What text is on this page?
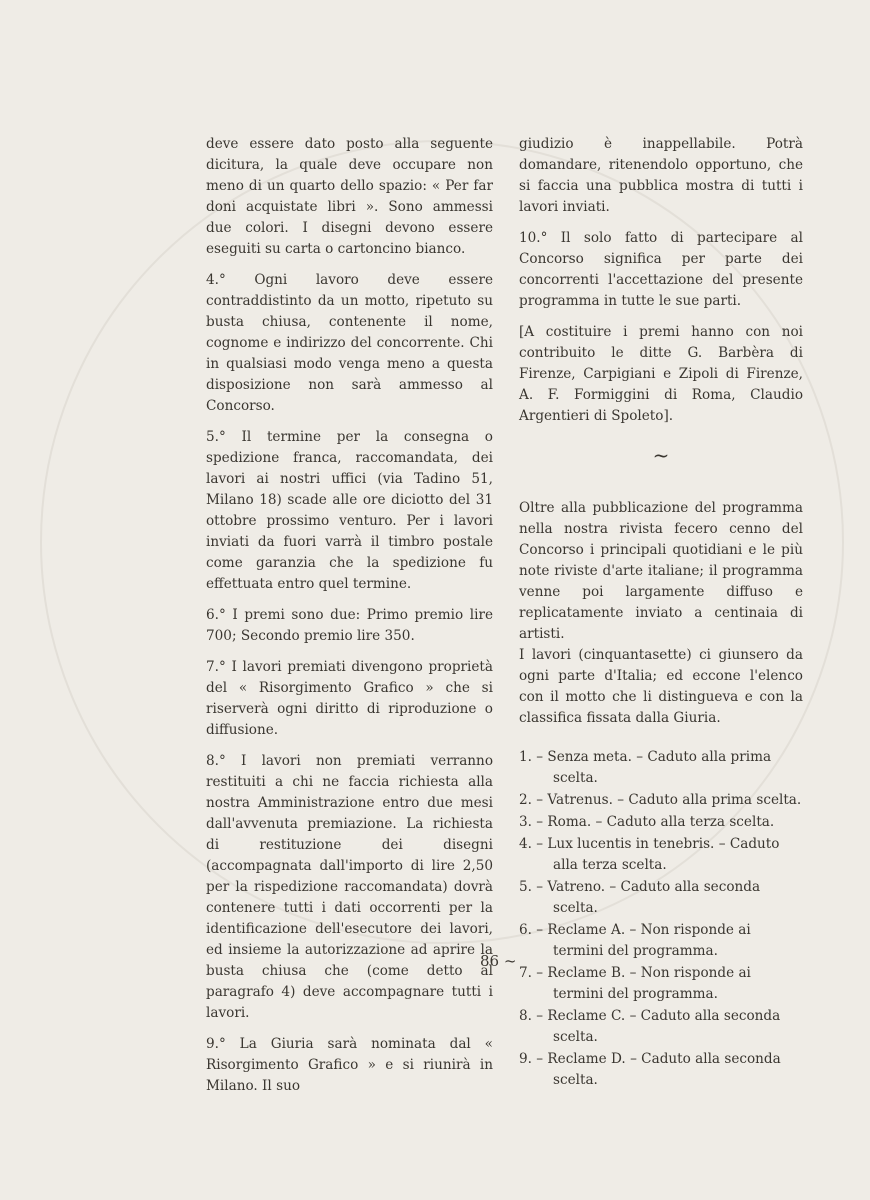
deve essere dato posto alla seguente dicitura, la quale deve occupare non meno di un quarto dello spazio: « Per far doni acquistate libri ». Sono ammessi due colori. I disegni devono essere eseguiti su carta o cartoncino bianco.

4.° Ogni lavoro deve essere contraddistinto da un motto, ripetuto su busta chiusa, contenente il nome, cognome e indirizzo del concorrente. Chi in qualsiasi modo venga meno a questa disposizione non sarà ammesso al Concorso.

5.° Il termine per la consegna o spedizione franca, raccomandata, dei lavori ai nostri uffici (via Tadino 51, Milano 18) scade alle ore diciotto del 31 ottobre prossimo venturo. Per i lavori inviati da fuori varrà il timbro postale come garanzia che la spedizione fu effettuata entro quel termine.

6.° I premi sono due: Primo premio lire 700; Secondo premio lire 350.

7.° I lavori premiati divengono proprietà del « Risorgimento Grafico » che si riserverà ogni diritto di riproduzione o diffusione.

8.° I lavori non premiati verranno restituiti a chi ne faccia richiesta alla nostra Amministrazione entro due mesi dall'avvenuta premiazione. La richiesta di restituzione dei disegni (accompagnata dall'importo di lire 2,50 per la rispedizione raccomandata) dovrà contenere tutti i dati occorrenti per la identificazione dell'esecutore dei lavori, ed insieme la autorizzazione ad aprire la busta chiusa che (come detto al paragrafo 4) deve accompagnare tutti i lavori.

9.° La Giuria sarà nominata dal « Risorgimento Grafico » e si riunirà in Milano. Il suo

giudizio è inappellabile. Potrà domandare, ritenendolo opportuno, che si faccia una pubblica mostra di tutti i lavori inviati.

10.° Il solo fatto di partecipare al Concorso significa per parte dei concorrenti l'accettazione del presente programma in tutte le sue parti.

[A costituire i premi hanno con noi contribuito le ditte G. Barbèra di Firenze, Carpigiani e Zipoli di Firenze, A. F. Formiggini di Roma, Claudio Argentieri di Spoleto].

~

Oltre alla pubblicazione del programma nella nostra rivista fecero cenno del Concorso i principali quotidiani e le più note riviste d'arte italiane; il programma venne poi largamente diffuso e replicatamente inviato a centinaia di artisti.

I lavori (cinquantasette) ci giunsero da ogni parte d'Italia; ed eccone l'elenco con il motto che li distingueva e con la classifica fissata dalla Giuria.

1. – Senza meta. – Caduto alla prima scelta.
2. – Vatrenus. – Caduto alla prima scelta.
3. – Roma. – Caduto alla terza scelta.
4. – Lux lucentis in tenebris. – Caduto alla terza scelta.
5. – Vatreno. – Caduto alla seconda scelta.
6. – Reclame A. – Non risponde ai termini del programma.
7. – Reclame B. – Non risponde ai termini del programma.
8. – Reclame C. – Caduto alla seconda scelta.
9. – Reclame D. – Caduto alla seconda scelta.
86 ~
